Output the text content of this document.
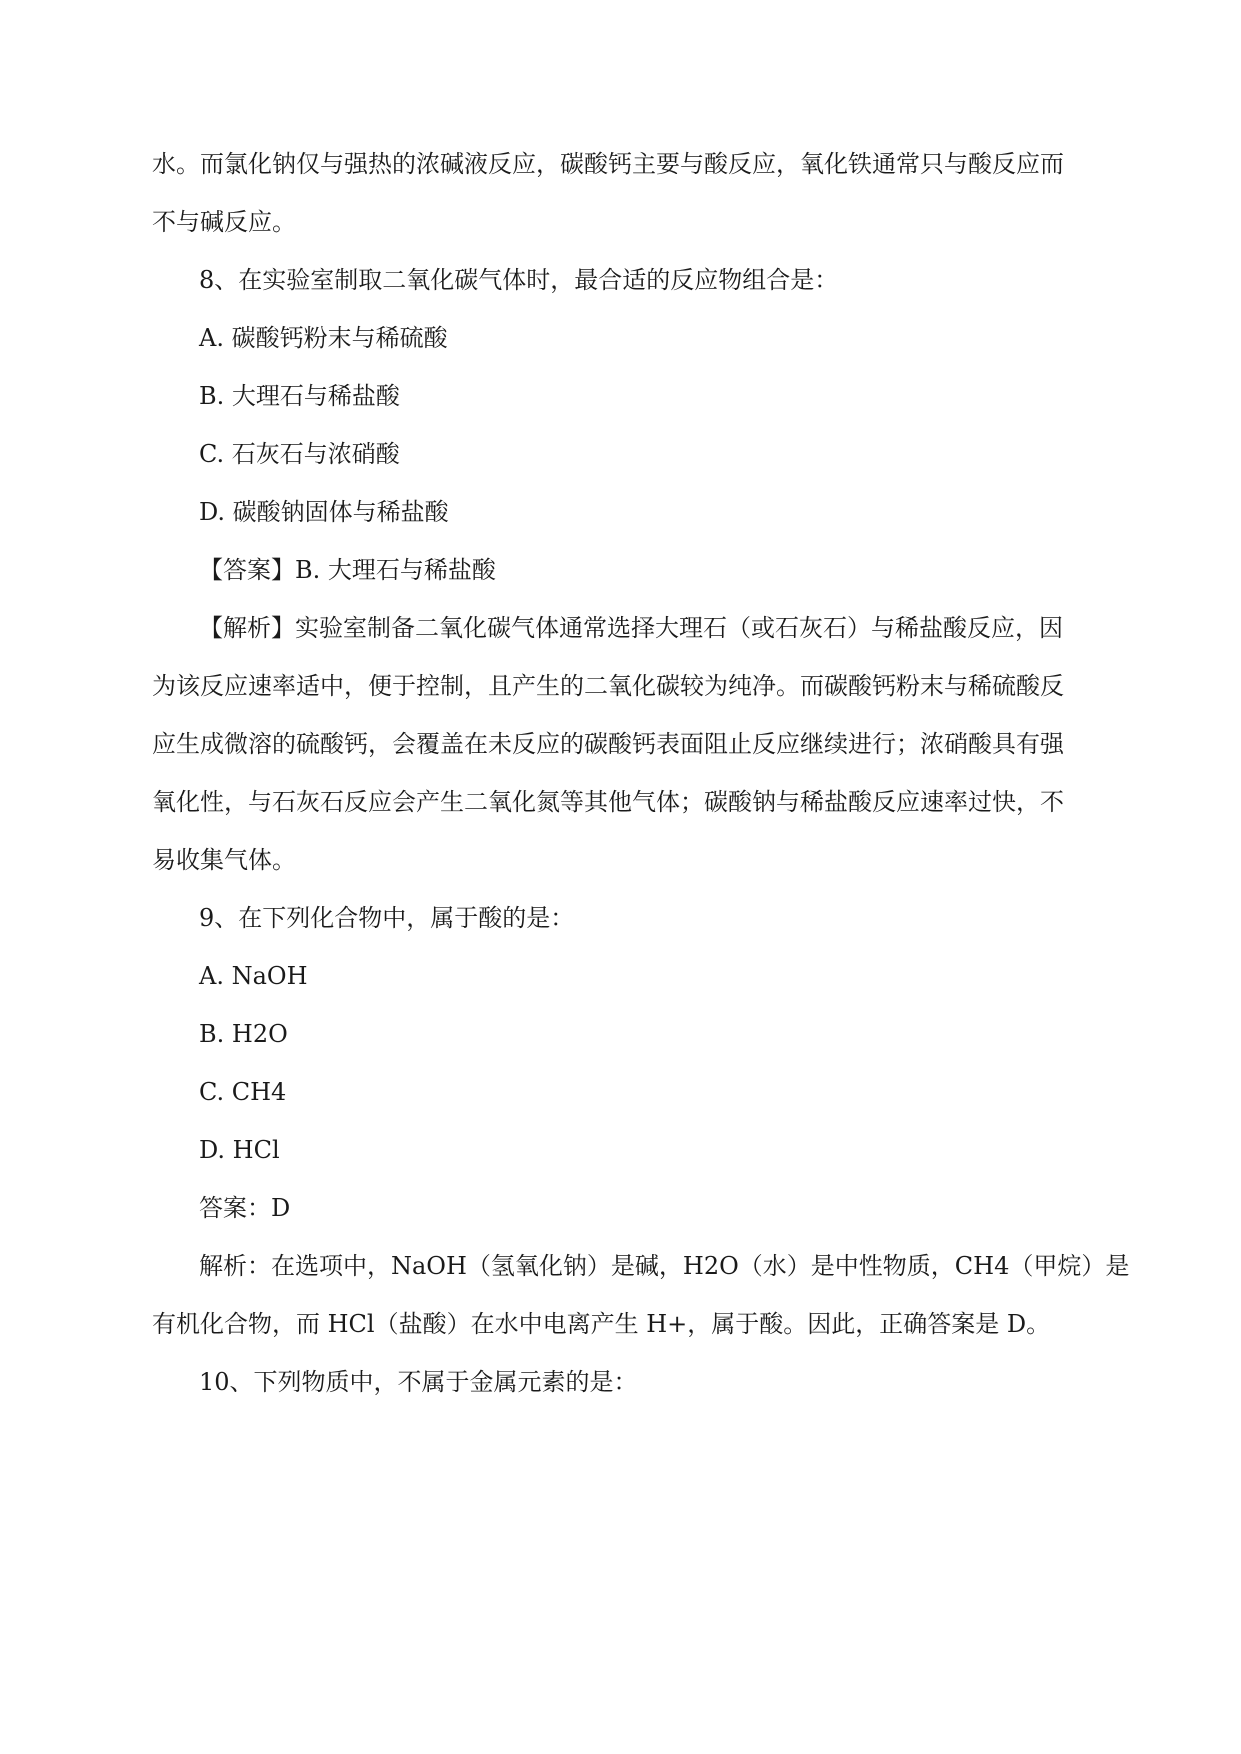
水。而氯化钠仅与强热的浓碱液反应，碳酸钙主要与酸反应，氧化铁通常只与酸反应而
不与碱反应。
8、在实验室制取二氧化碳气体时，最合适的反应物组合是：
A. 碳酸钙粉末与稀硫酸
B. 大理石与稀盐酸
C. 石灰石与浓硝酸
D. 碳酸钠固体与稀盐酸
【答案】B. 大理石与稀盐酸
【解析】实验室制备二氧化碳气体通常选择大理石（或石灰石）与稀盐酸反应，因
为该反应速率适中，便于控制，且产生的二氧化碳较为纯净。而碳酸钙粉末与稀硫酸反
应生成微溶的硫酸钙，会覆盖在未反应的碳酸钙表面阻止反应继续进行；浓硝酸具有强
氧化性，与石灰石反应会产生二氧化氮等其他气体；碳酸钠与稀盐酸反应速率过快，不
易收集气体。
9、在下列化合物中，属于酸的是：
A. NaOH
B. H2O
C. CH4
D. HCl
答案：D
解析：在选项中，NaOH（氢氧化钠）是碱，H2O（水）是中性物质，CH4（甲烷）是
有机化合物，而 HCl（盐酸）在水中电离产生 H+，属于酸。因此，正确答案是 D。
10、下列物质中，不属于金属元素的是：
